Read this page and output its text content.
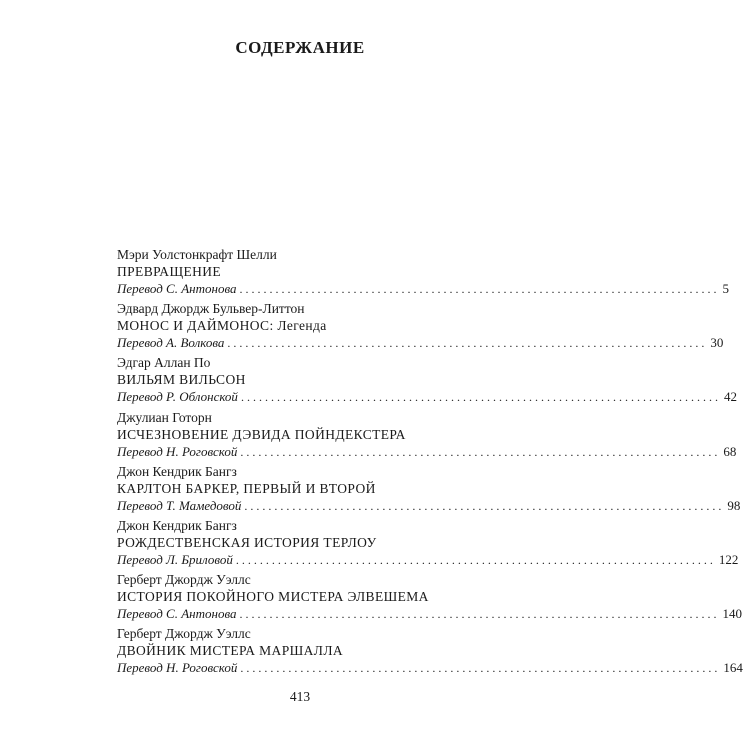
СОДЕРЖАНИЕ
Мэри Уолстонкрафт Шелли
ПРЕВРАЩЕНИЕ
Перевод С. Антонова ................................................................................ 5
Эдвард Джордж Бульвер-Литтон
МОНОС И ДАЙМОНОС: Легенда
Перевод А. Волкова ................................................................................ 30
Эдгар Аллан По
ВИЛЬЯМ ВИЛЬСОН
Перевод Р. Облонской ................................................................................ 42
Джулиан Готорн
ИСЧЕЗНОВЕНИЕ ДЭВИДА ПОЙНДЕКСТЕРА
Перевод Н. Роговской ................................................................................ 68
Джон Кендрик Бангз
КАРЛТОН БАРКЕР, ПЕРВЫЙ И ВТОРОЙ
Перевод Т. Мамедовой ................................................................................ 98
Джон Кендрик Бангз
РОЖДЕСТВЕНСКАЯ ИСТОРИЯ ТЕРЛОУ
Перевод Л. Бриловой ................................................................................ 122
Герберт Джордж Уэллс
ИСТОРИЯ ПОКОЙНОГО МИСТЕРА ЭЛВЕШЕМА
Перевод С. Антонова ................................................................................ 140
Герберт Джордж Уэллс
ДВОЙНИК МИСТЕРА МАРШАЛЛА
Перевод Н. Роговской ................................................................................ 164
413
